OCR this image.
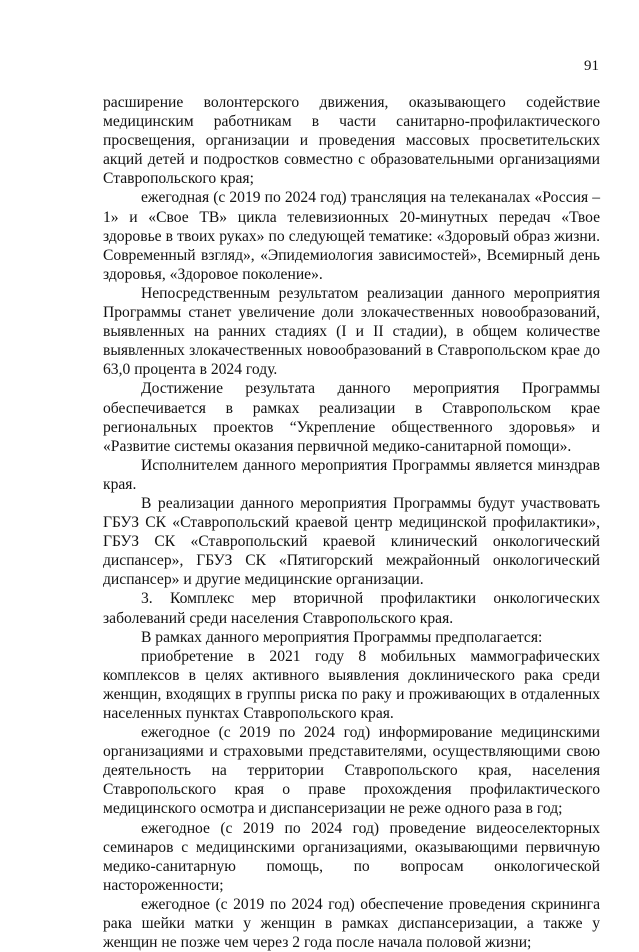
91

расширение волонтерского движения, оказывающего содействие медицинским работникам в части санитарно-профилактического просвещения, организации и проведения массовых просветительских акций детей и подростков совместно с образовательными организациями Ставропольского края;

ежегодная (с 2019 по 2024 год) трансляция на телеканалах «Россия – 1» и «Свое ТВ» цикла телевизионных 20-минутных передач «Твое здоровье в твоих руках» по следующей тематике: «Здоровый образ жизни. Современный взгляд», «Эпидемиология зависимостей», Всемирный день здоровья, «Здоровое поколение».

Непосредственным результатом реализации данного мероприятия Программы станет увеличение доли злокачественных новообразований, выявленных на ранних стадиях (I и II стадии), в общем количестве выявленных злокачественных новообразований в Ставропольском крае до 63,0 процента в 2024 году.

Достижение результата данного мероприятия Программы обеспечивается в рамках реализации в Ставропольском крае региональных проектов “Укрепление общественного здоровья» и «Развитие системы оказания первичной медико-санитарной помощи».

Исполнителем данного мероприятия Программы является минздрав края.

В реализации данного мероприятия Программы будут участвовать ГБУЗ СК «Ставропольский краевой центр медицинской профилактики», ГБУЗ СК «Ставропольский краевой клинический онкологический диспансер», ГБУЗ СК «Пятигорский межрайонный онкологический диспансер» и другие медицинские организации.

3. Комплекс мер вторичной профилактики онкологических заболеваний среди населения Ставропольского края.

В рамках данного мероприятия Программы предполагается:

приобретение в 2021 году 8 мобильных маммографических комплексов в целях активного выявления доклинического рака среди женщин, входящих в группы риска по раку и проживающих в отдаленных населенных пунктах Ставропольского края.

ежегодное (с 2019 по 2024 год) информирование медицинскими организациями и страховыми представителями, осуществляющими свою деятельность на территории Ставропольского края, населения Ставропольского края о праве прохождения профилактического медицинского осмотра и диспансеризации не реже одного раза в год;

ежегодное (с 2019 по 2024 год) проведение видеоселекторных семинаров с медицинскими организациями, оказывающими первичную медико-санитарную помощь, по вопросам онкологической настороженности;

ежегодное (с 2019 по 2024 год) обеспечение проведения скрининга рака шейки матки у женщин в рамках диспансеризации, а также у женщин не позже чем через 2 года после начала половой жизни;
